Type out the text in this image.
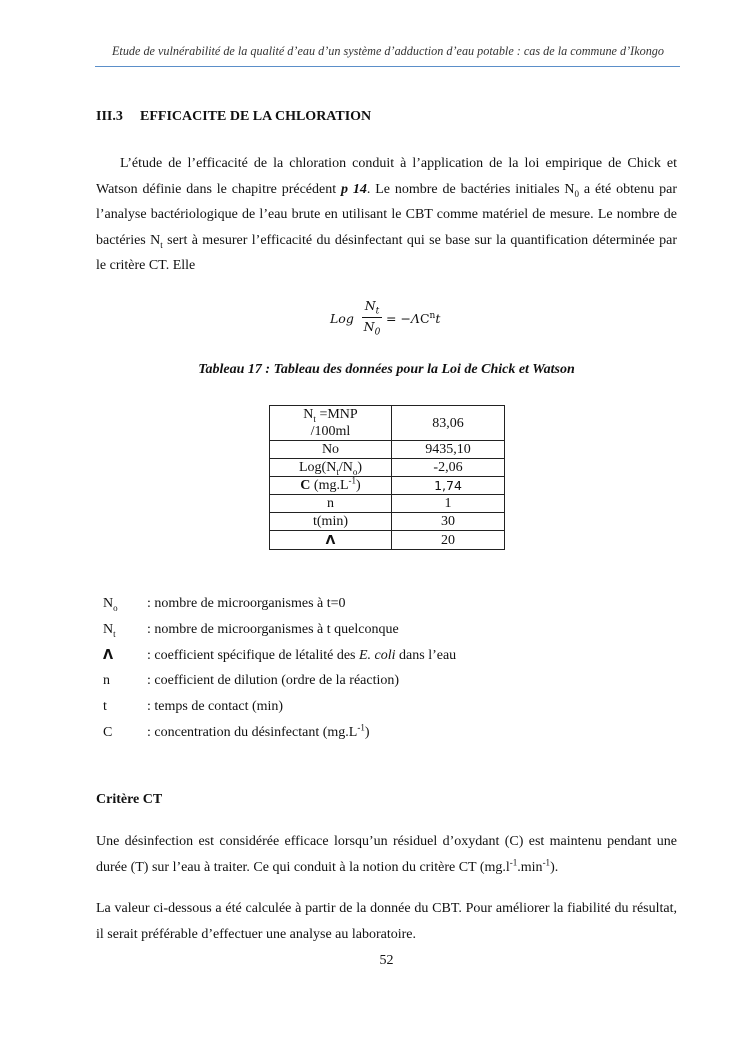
Etude de vulnérabilité de la qualité d’eau d’un système d’adduction d’eau potable : cas de la commune d’Ikongo
III.3 EFFICACITE DE LA CHLORATION
L’étude de l’efficacité de la chloration conduit à l’application de la loi empirique de Chick et Watson définie dans le chapitre précédent p 14. Le nombre de bactéries initiales $N_0$ a été obtenu par l’analyse bactériologique de l’eau brute en utilisant le CBT comme matériel de mesure. Le nombre de bactéries $N_t$ sert à mesurer l’efficacité du désinfectant qui se base sur la quantification déterminée par le critère CT. Elle
Log
$N_t$
$N_0$
= $-\Lambda C^nt$
Tableau 17 : Tableau des données pour la Loi de Chick et Watson
$N_t =MNP$
/100ml	83,06
No	9435,10
$Log(N_t/N_o)$	-2,06
C $(mg.L^{-1})$	1,74
n	1
t(min)	30
Λ	20
$N_o$ : nombre de microorganismes à t=0
$N_t$ : nombre de microorganismes à t quelconque
Λ : coefficient spécifique de létalité des E. coli dans l’eau
n	: coefficient de dilution (ordre de la réaction)
t	: temps de contact (min)
C : concentration du désinfectant $(mg.L^{-1})$
Critère CT
Une désinfection est considérée efficace lorsqu’un résiduel d’oxydant (C) est maintenu pendant une durée (T) sur l’eau à traiter. Ce qui conduit à la notion du critère CT $(mg.l^{-1}.\min^{-1})$.
La valeur ci-dessous a été calculée à partir de la donnée du CBT. Pour améliorer la fiabilité du résultat, il serait préférable d’effectuer une analyse au laboratoire.
52
